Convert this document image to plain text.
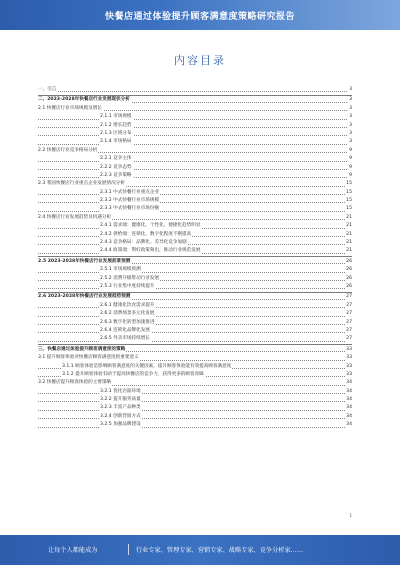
快餐店通过体验提升顾客满意度策略研究报告
内容目录
一、引言	3
二、2023-2028年快餐店行业发展现状分析	3
2.1 快餐店行业市场规模及增长	3
2.1.1 市场规模	3
2.1.2 增长趋势	3
2.1.3 区域分布	3
2.1.4 市场格局	3
2.2 快餐店行业竞争格局分析	9
2.2.1 竞争主体	9
2.2.2 竞争态势	9
2.2.3 竞争策略	9
2.3 我国快餐店行业重点企业发展情况分析	15
2.3.1 中式快餐行业重点企业	15
2.3.2 中式快餐行业市场规模	15
2.3.3 中式快餐行业市场份额	15
2.4 快餐店行业发展趋势及机遇分析	21
2.4.1 需求端：健康化、个性化、便捷化趋势明显	21
2.4.2 供给端：连锁化、数字化程度不断提高	21
2.4.3 竞争格局：品牌化、差异化竞争加剧	21
2.4.4 政策端：利好政策频出，推动行业规范发展	21
2.5 2023-2028年快餐店行业发展前景预测	26
2.5.1 市场规模预测	26
2.5.2 消费升级带动行业发展	26
2.5.3 行业集中度持续提升	26
2.6 2023-2028年快餐店行业发展趋势预测	27
2.6.1 健康化饮食需求提升	27
2.6.2 消费场景多元化发展	27
2.6.3 数字化转型加速推进	27
2.6.4 连锁化品牌化发展	27
2.6.5 外卖市场持续增长	27
三、快餐店通过体验提升顾客满意度的策略	33
3.1 提升顾客体验对快餐店顾客满意度的重要意义	33
3.1.1 顾客体验是影响顾客满意度的关键因素，提升顾客体验能有效提高顾客满意度	33
3.1.2 提升顾客体验有助于提高快餐店的竞争力，获得更多的顾客青睐	33
3.2 快餐店提升顾客体验的主要策略	34
3.2.1 优化店面环境	34
3.2.2 提升服务质量	34
3.2.3 丰富产品种类	34
3.2.4 创新营销方式	34
3.2.5 加强品牌建设	34
1
让每个人都能成为	行业专家、管理专家、营销专家、战略专家、竞争分析家……
